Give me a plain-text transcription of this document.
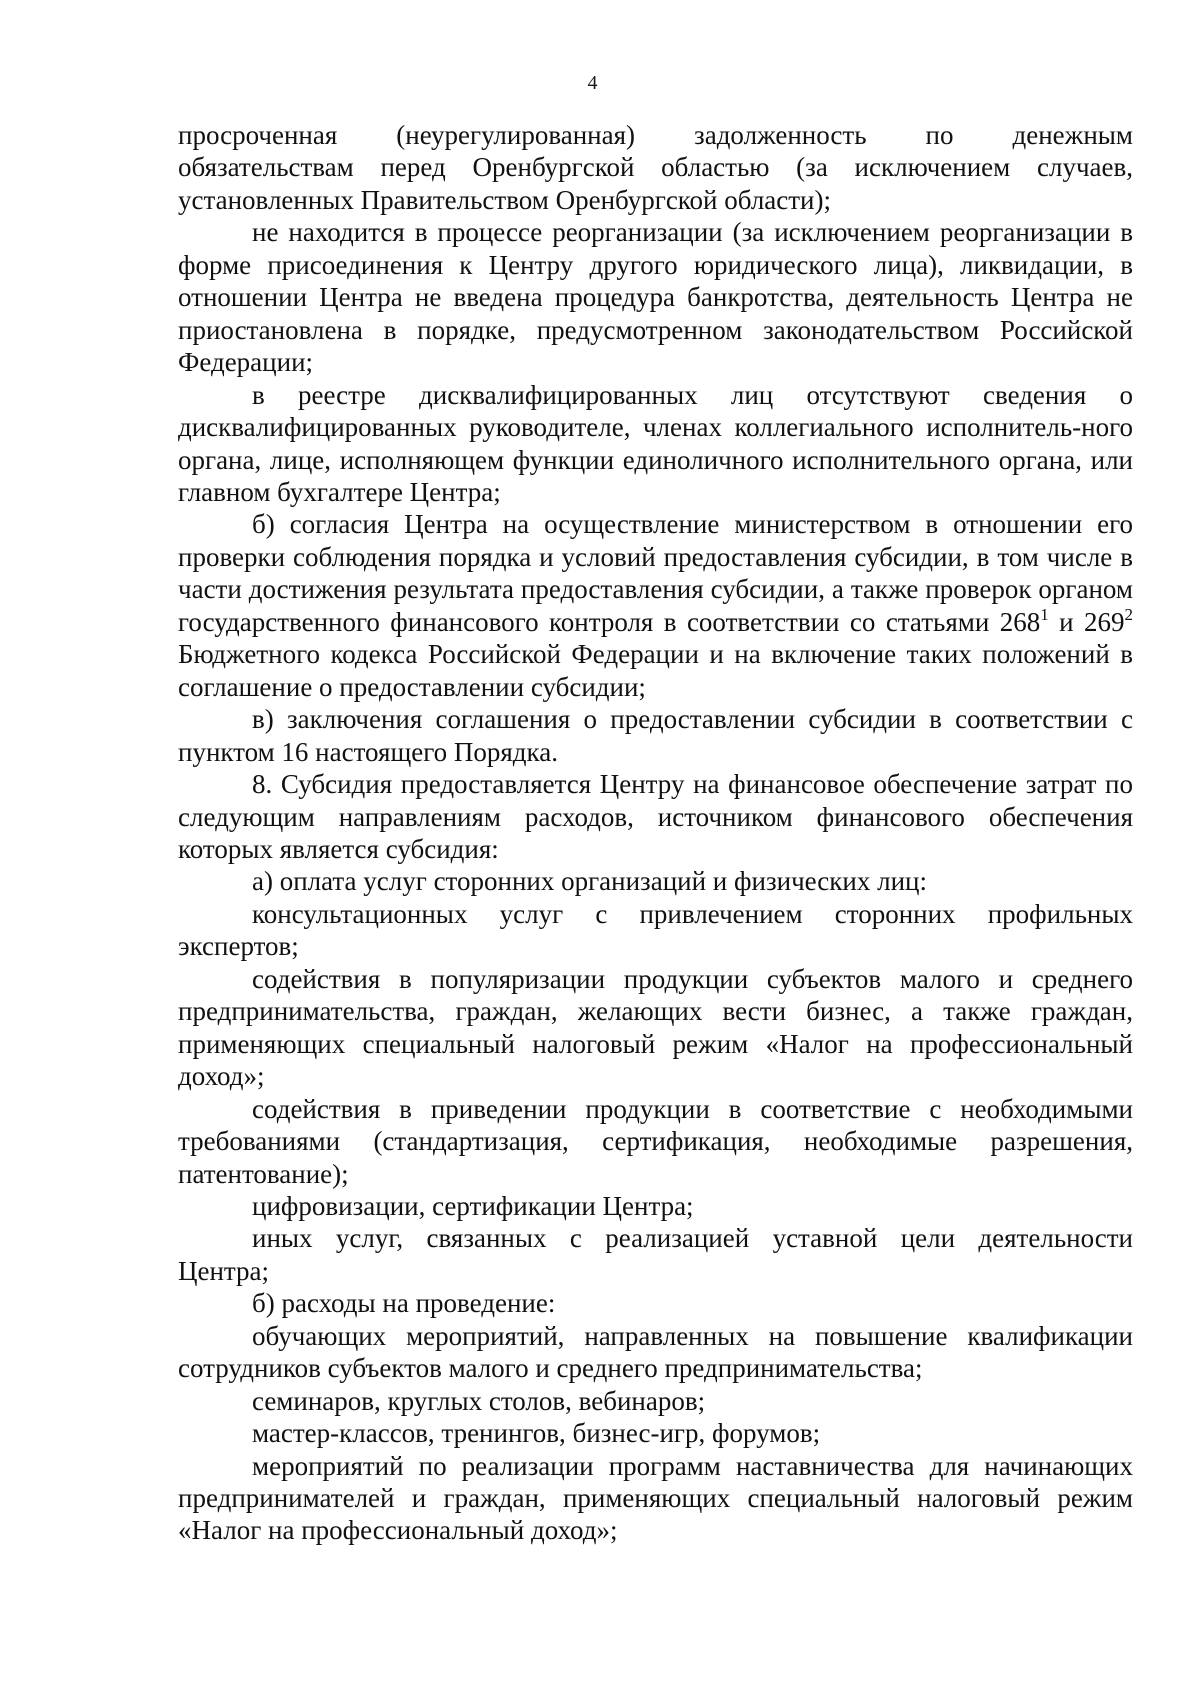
4
просроченная (неурегулированная) задолженность по денежным
обязательствам перед Оренбургской областью (за исключением случаев,
установленных Правительством Оренбургской области);
не находится в процессе реорганизации (за исключением реорганизации в форме присоединения к Центру другого юридического лица), ликвидации, в отношении Центра не введена процедура банкротства, деятельность Центра не приостановлена в порядке, предусмотренном законодательством Российской Федерации;
в реестре дисквалифицированных лиц отсутствуют сведения о дисквалифицированных руководителе, членах коллегиального исполнитель-ного органа, лице, исполняющем функции единоличного исполнительного органа, или главном бухгалтере Центра;
б) согласия Центра на осуществление министерством в отношении его проверки соблюдения порядка и условий предоставления субсидии, в том числе в части достижения результата предоставления субсидии, а также проверок органом государственного финансового контроля в соответствии со статьями $268^1$ и $269^2$ Бюджетного кодекса Российской Федерации и на включение таких положений в соглашение о предоставлении субсидии;
в) заключения соглашения о предоставлении субсидии в соответствии с пунктом 16 настоящего Порядка.
8. Субсидия предоставляется Центру на финансовое обеспечение затрат по следующим направлениям расходов, источником финансового обеспечения которых является субсидия:
а) оплата услуг сторонних организаций и физических лиц:
консультационных услуг с привлечением сторонних профильных
экспертов;
содействия в популяризации продукции субъектов малого и среднего
предпринимательства, граждан, желающих вести бизнес, а также граждан,
применяющих специальный налоговый режим «Налог на профессиональный
доход»;
содействия в приведении продукции в соответствие с необходимыми
требованиями (стандартизация, сертификация, необходимые разрешения,
патентование);
цифровизации, сертификации Центра;
иных услуг, связанных с реализацией уставной цели деятельности
Центра;
б) расходы на проведение:
обучающих мероприятий, направленных на повышение квалификации
сотрудников субъектов малого и среднего предпринимательства;
семинаров, круглых столов, вебинаров;
мастер-классов, тренингов, бизнес-игр, форумов;
мероприятий по реализации программ наставничества для начинающих
предпринимателей и граждан, применяющих специальный налоговый режим
«Налог на профессиональный доход»;
